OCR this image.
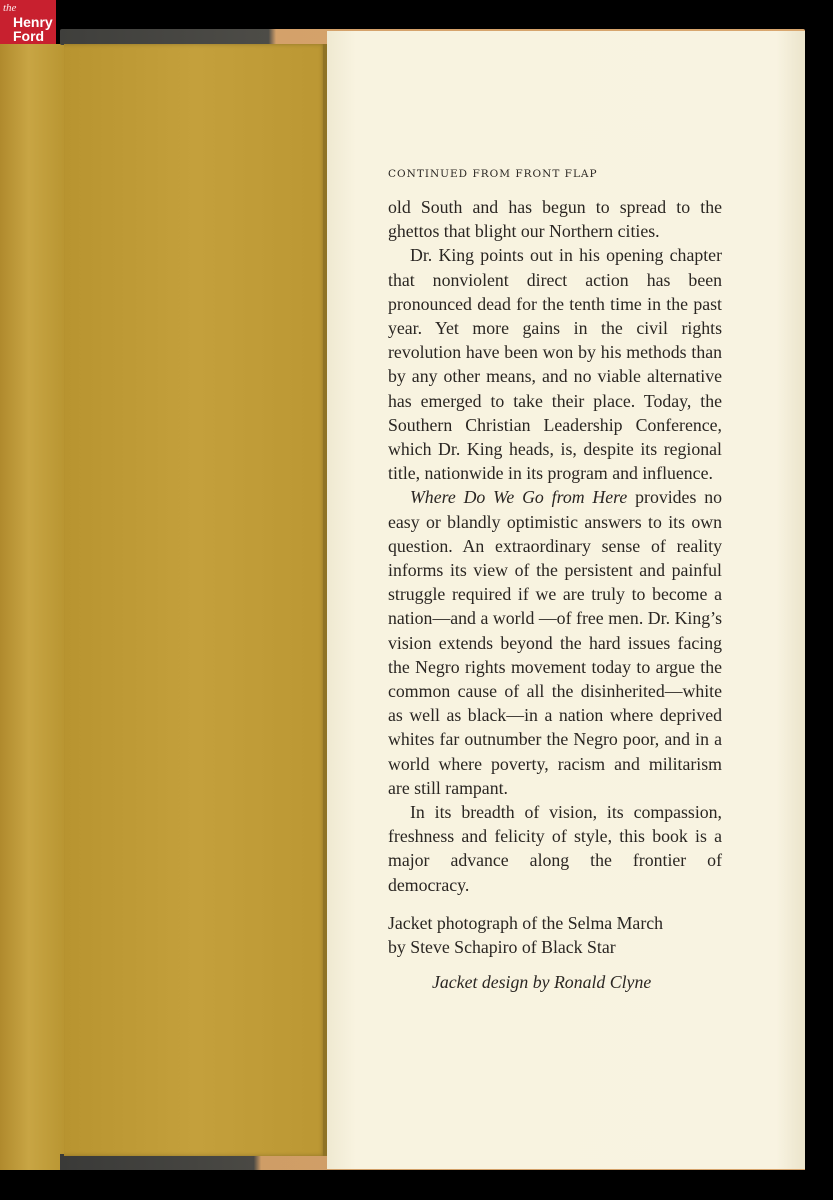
the
Henry
Ford
CONTINUED FROM FRONT FLAP

old South and has begun to spread to the ghettos that blight our Northern cities.

Dr. King points out in his opening chapter that nonviolent direct action has been pronounced dead for the tenth time in the past year. Yet more gains in the civil rights revolution have been won by his methods than by any other means, and no viable alternative has emerged to take their place. Today, the Southern Christian Leadership Conference, which Dr. King heads, is, despite its regional title, nationwide in its program and influence.

Where Do We Go from Here provides no easy or blandly optimistic answers to its own question. An extraordinary sense of reality informs its view of the persistent and painful struggle required if we are truly to become a nation—and a world —of free men. Dr. King’s vision extends beyond the hard issues facing the Negro rights movement today to argue the common cause of all the disinherited—white as well as black—in a nation where deprived whites far outnumber the Negro poor, and in a world where poverty, racism and militarism are still rampant.

In its breadth of vision, its compassion, freshness and felicity of style, this book is a major advance along the frontier of democracy.

Jacket photograph of the Selma March
by Steve Schapiro of Black Star
Jacket design by Ronald Clyne
